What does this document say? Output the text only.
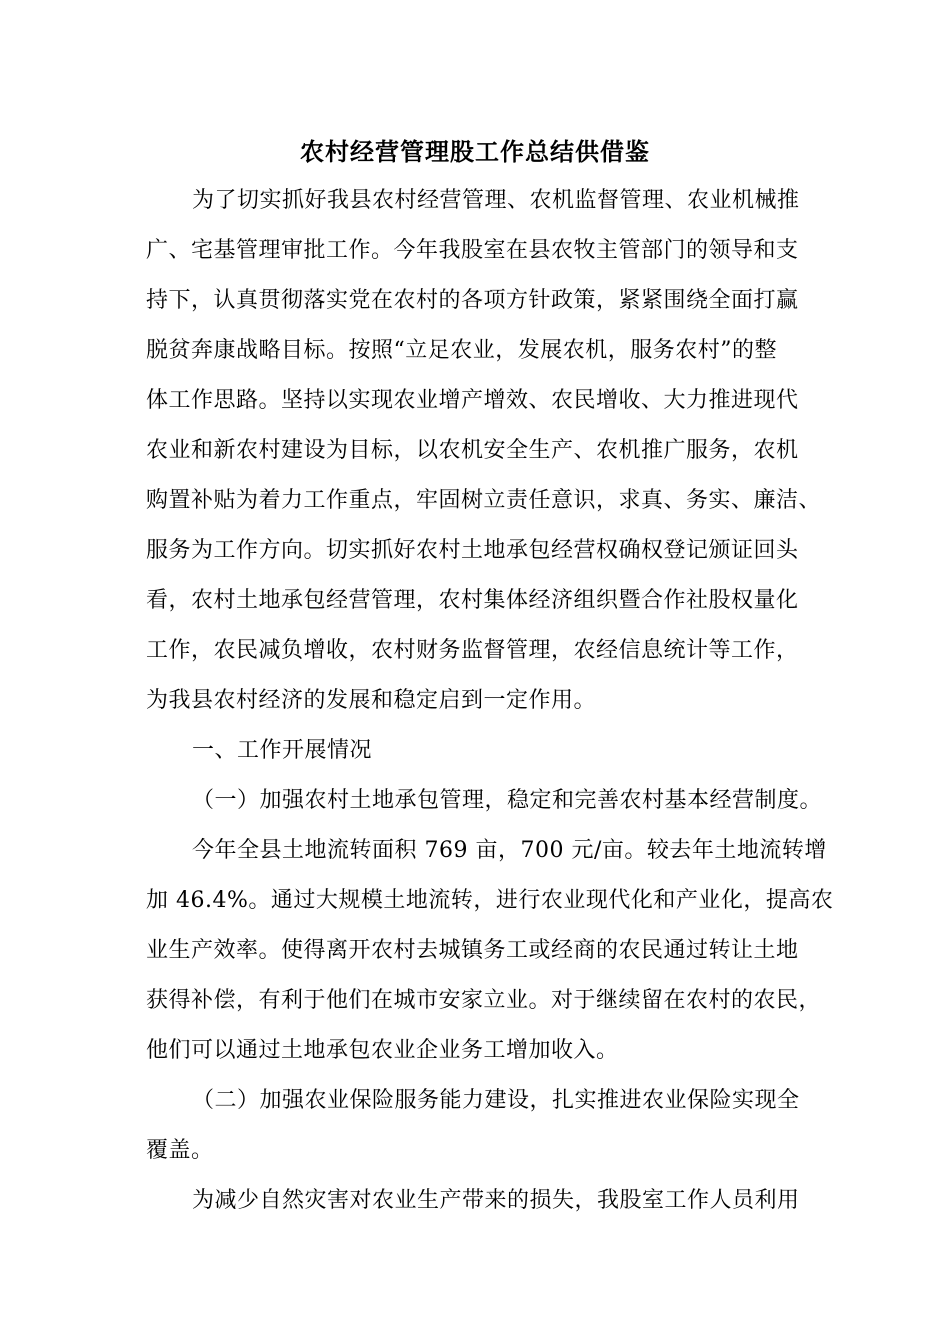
农村经营管理股工作总结供借鉴
为了切实抓好我县农村经营管理、农机监督管理、农业机械推
广、宅基管理审批工作。今年我股室在县农牧主管部门的领导和支
持下，认真贯彻落实党在农村的各项方针政策，紧紧围绕全面打赢
脱贫奔康战略目标。按照“立足农业，发展农机，服务农村”的整
体工作思路。坚持以实现农业增产增效、农民增收、大力推进现代
农业和新农村建设为目标，以农机安全生产、农机推广服务，农机
购置补贴为着力工作重点，牢固树立责任意识，求真、务实、廉洁、
服务为工作方向。切实抓好农村土地承包经营权确权登记颁证回头
看，农村土地承包经营管理，农村集体经济组织暨合作社股权量化
工作，农民减负增收，农村财务监督管理，农经信息统计等工作，
为我县农村经济的发展和稳定启到一定作用。
一、工作开展情况
（一）加强农村土地承包管理，稳定和完善农村基本经营制度。
今年全县土地流转面积 769 亩，700 元/亩。较去年土地流转增
加 46.4%。通过大规模土地流转，进行农业现代化和产业化，提高农
业生产效率。使得离开农村去城镇务工或经商的农民通过转让土地
获得补偿，有利于他们在城市安家立业。对于继续留在农村的农民，
他们可以通过土地承包农业企业务工增加收入。
（二）加强农业保险服务能力建设，扎实推进农业保险实现全
覆盖。
为减少自然灾害对农业生产带来的损失，我股室工作人员利用
